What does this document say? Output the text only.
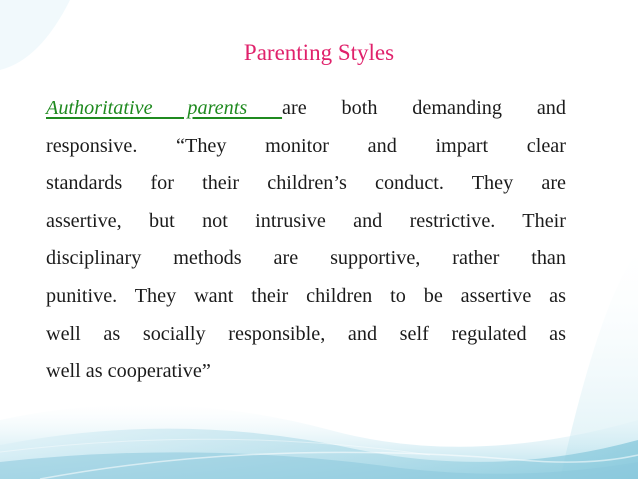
Parenting Styles
Authoritative parents are both demanding and
responsive. “They monitor and impart clear
standards for their children’s conduct. They are
assertive, but not intrusive and restrictive. Their
disciplinary methods are supportive, rather than
punitive. They want their children to be assertive as
well as socially responsible, and self regulated as
well as cooperative”
